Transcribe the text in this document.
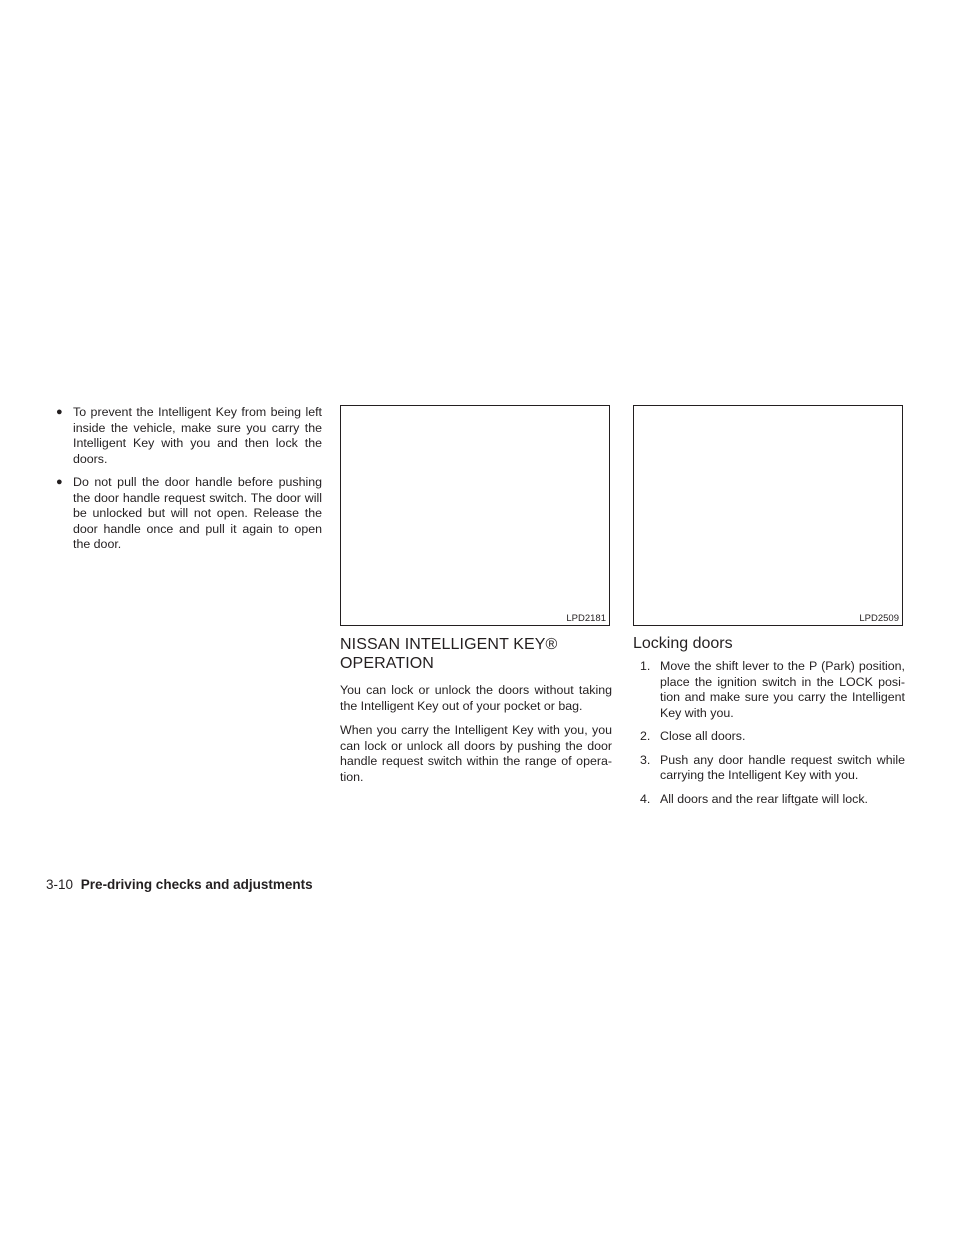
● To prevent the Intelligent Key from being left inside the vehicle, make sure you carry the Intelligent Key with you and then lock the doors.
● Do not pull the door handle before pushing the door handle request switch. The door will be unlocked but will not open. Release the door handle once and pull it again to open the door.
LPD2181
NISSAN INTELLIGENT KEY® OPERATION

You can lock or unlock the doors without taking the Intelligent Key out of your pocket or bag.

When you carry the Intelligent Key with you, you can lock or unlock all doors by pushing the door handle request switch within the range of opera-tion.

LPD2509
Locking doors
1. Move the shift lever to the P (Park) position, place the ignition switch in the LOCK posi-tion and make sure you carry the Intelligent Key with you.
2. Close all doors.
3. Push any door handle request switch while carrying the Intelligent Key with you.
4. All doors and the rear liftgate will lock.
3-10 Pre-driving checks and adjustments
